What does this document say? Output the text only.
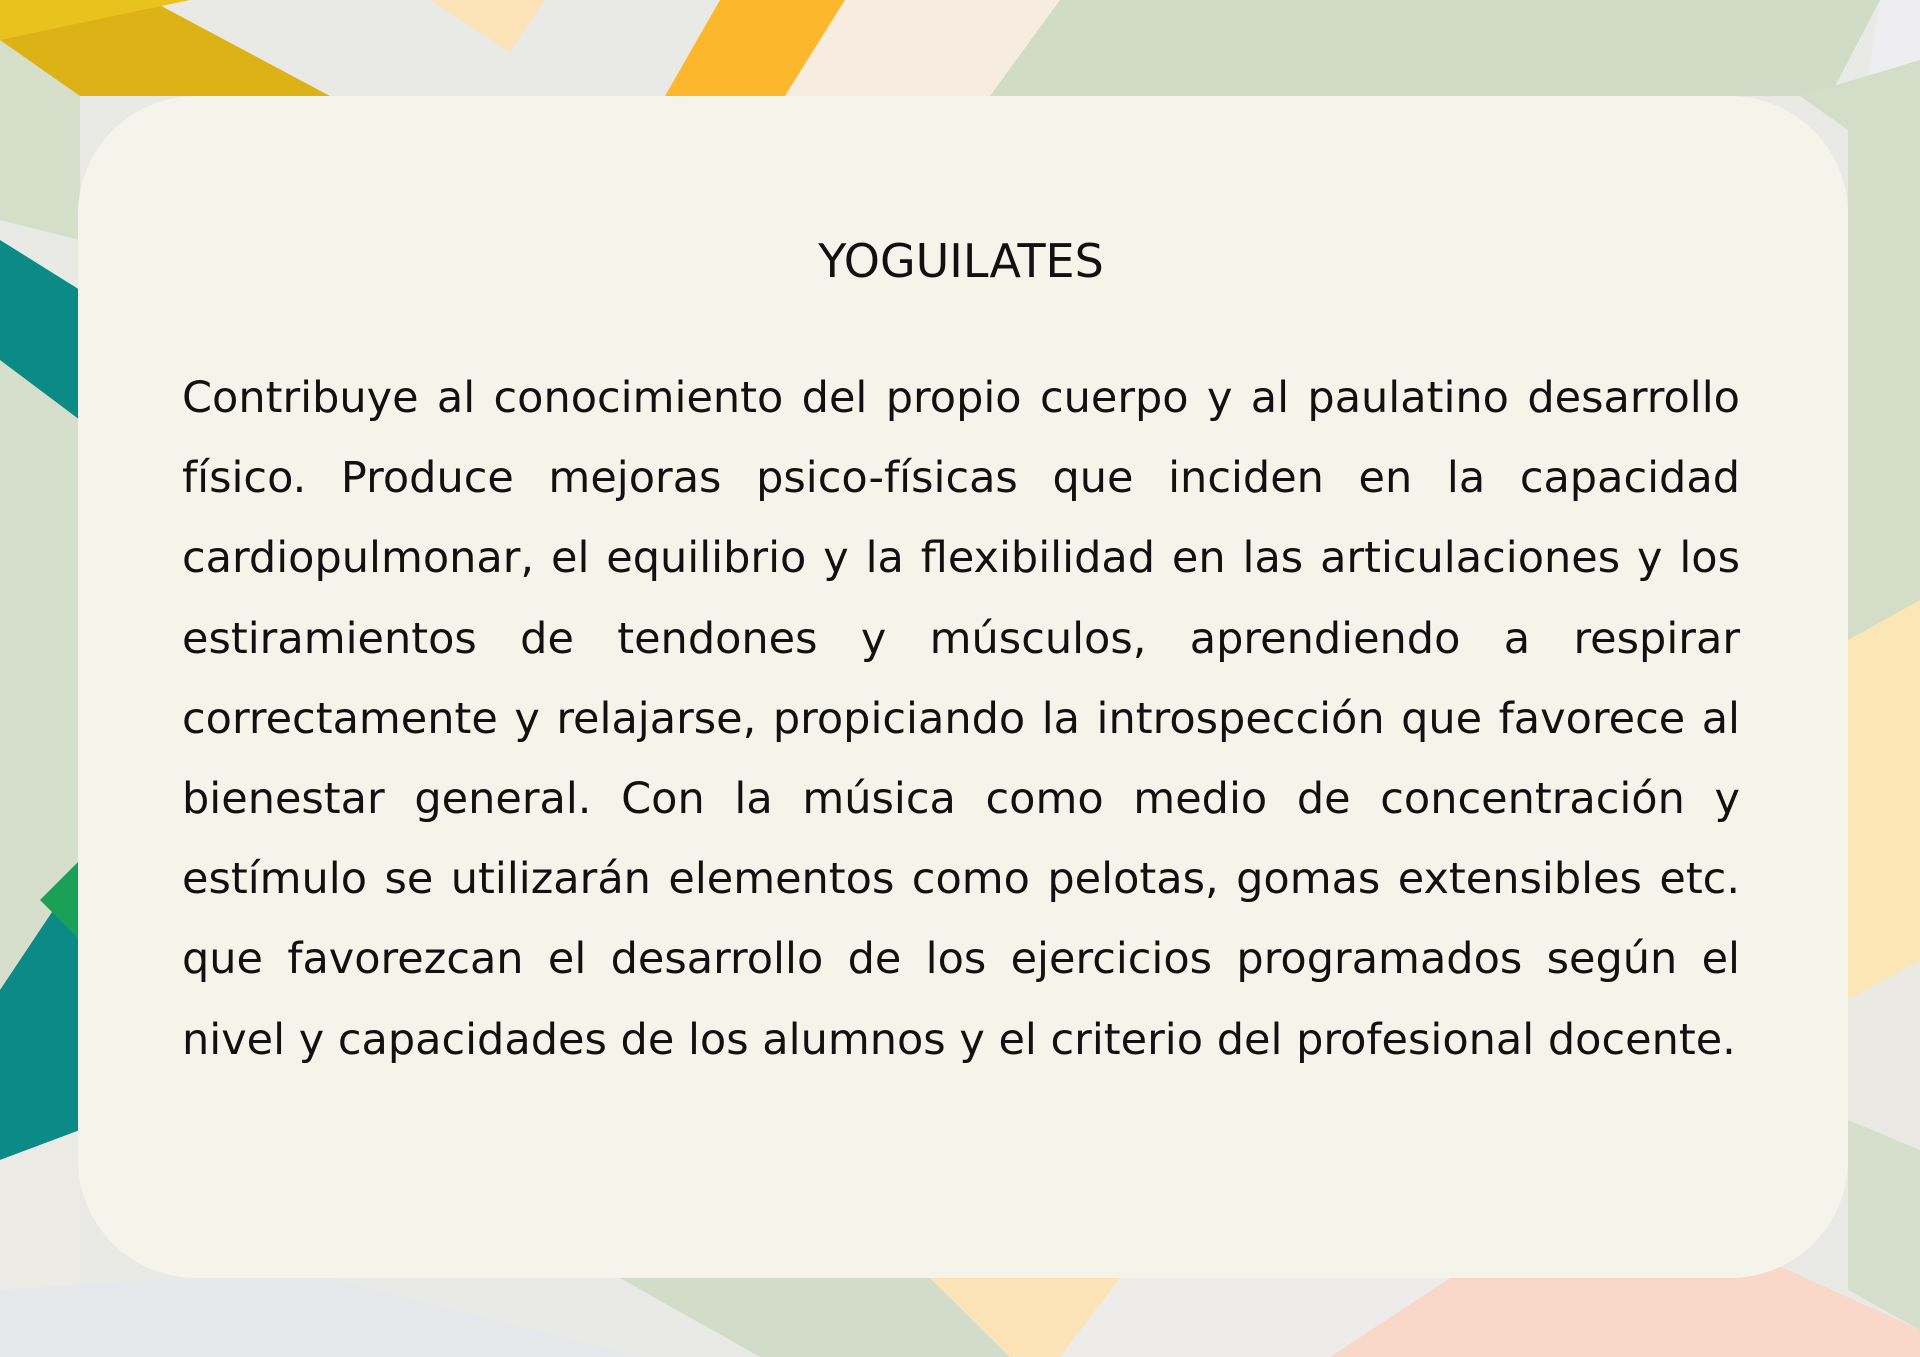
YOGUILATES

Contribuye al conocimiento del propio cuerpo y al paulatino desarrollo físico. Produce mejoras psico-físicas que inciden en la capacidad cardiopulmonar, el equilibrio y la flexibilidad en las articulaciones y los estiramientos de tendones y músculos, aprendiendo a respirar correctamente y relajarse, propiciando la introspección que favorece al bienestar general. Con la música como medio de concentración y estímulo se utilizarán elementos como pelotas, gomas extensibles etc. que favorezcan el desarrollo de los ejercicios programados según el nivel y capacidades de los alumnos y el criterio del profesional docente.
